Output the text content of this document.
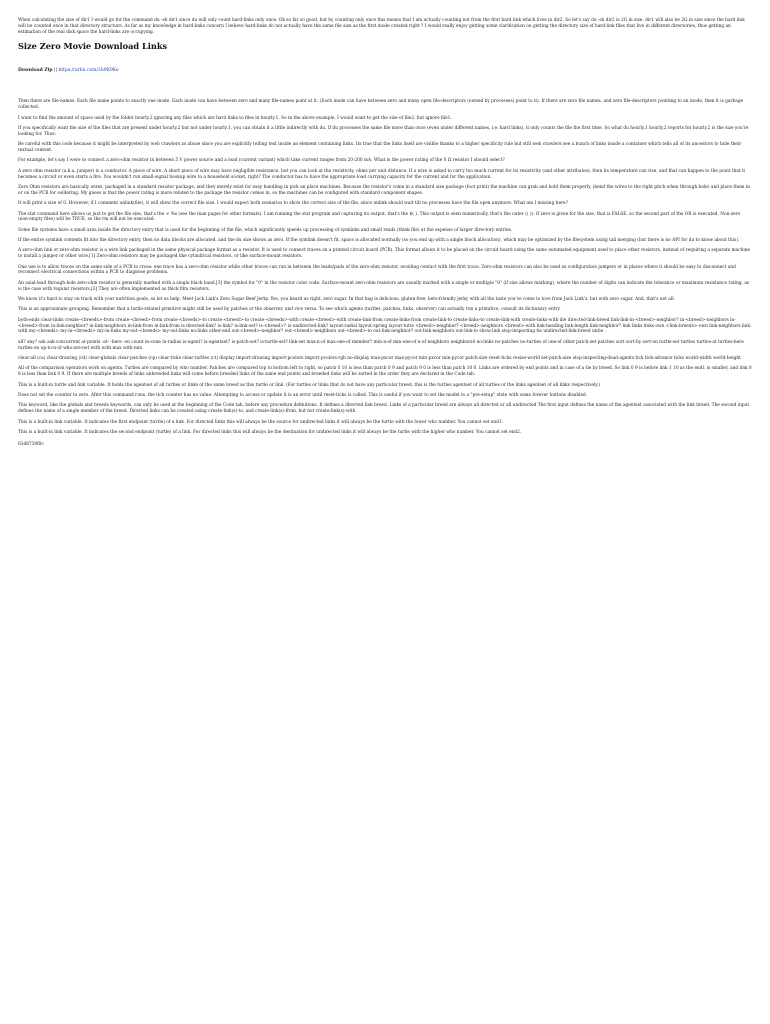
When calculating the size of dir1 I would go for the command du -sh dir1 since du will only count hard-links only once. Ok so far so good, but by counting only once this means that I am actually counting not from the first hard link which lives in dir2. So let's say du -sh dir2 is 2G in size. dir1 will also be 2G in size since the hard link will be counted once in that directory structure. As far as my knowledge in hard-links concern I believe hard-links do not actually have the same file size as the first inode created right ? I would really enjoy getting some clarification on getting the directory size of hard-link files that live in different directories, thus getting an estimation of the real disk space the hard-links are occupying.

Size Zero Movie Download Links
Download Zip || https://urlin.com/2h9K9Ke

Then there are file-names. Each file name points to exactly one inode. Each inode can have between zero and many file-names point at it. (Each inode can have between zero and many open file-descriptors (owned by processes) point to it). If there are zero file names, and zero file-descriptors pointing to an inode, then it is garbage collected.

I want to find the amount of space used by the folder hourly.2 ignoring any files which are hard links to files in hourly.1. So in the above example, I would want to get the size of file2, but ignore file1.

If you specifically want the size of the files that are present under hourly.2 but not under hourly.1, you can obtain it a little indirectly with du. If du processes the same file more than once (even under different names, i.e. hard links), it only counts the file the first time. So what du hourly.1 hourly.2 reports for hourly.2 is the size you're looking for. Thus:

Be careful with this code because it might be interpreted by web crawlers as abuse since you are explicitly telling text inside an element containing links. Its true that the links itself are visible thanks to a higher specificity rule but still web crawlers see a bunch of links inside a container which tells all of its ancestors to hide their textual content.

For example, let's say I were to connect a zero-ohm resistor in between 5 V power source and a load (current variant) which take current ranges from 20-200 mA. What is the power rating of the 0 Ω resistor I should select?

A zero ohm resistor (a.k.a. jumper) is a conductor. A piece of wire. A short piece of wire may have negligible resistance, but you can look at the resistivity, ohms per unit distance. If a wire is asked to carry too much current for its resistivity (and other attributes), then its temperature can rise, and that can happen to the point that it becomes a circuit or even starts a fire. You wouldn't run small-signal hookup wire to a household socket, right? The conductor has to have the appropriate load carrying capacity for the current and for the application.

Zero Ohm resistors are basically wires, packaged in a standard resistor package, and they merely exist for easy handling in pick an place machines. Because the resistor's come in a standard size package (foot print) the machine can grab and hold them properly, (bend the wires to the right pitch when through hole) and place them in or on the PCB for soldering. My guess is that the power rating is more related to the package the resistor comes in, so the machines can be configured with standard component shapes.

It will print a size of 0. However, if I comment unlink(file), it will show the correct file size. I would expect both scenarios to show the correct size of the file, since unlink should wait till no processes have the file open anymore. What am I missing here?

The stat command here allows us just to get the file size, that's the -c %s (see the man pages for other formats). I am running the stat program and capturing its output, that's the $( ). This output is seen numerically, that's the outer (( )). If zero is given for the size, that is FALSE, so the second part of the OR is executed. Non-zero (non-empty files) will be TRUE, so the rm will not be executed.

Some file systems have a small area inside the directory entry that is used for the beginning of the file, which significantly speeds up processing of symlinks and small reads (think file) at the expense of larger directory entries.

If the entire symlink contents fit into the directory entry, then no data blocks are allocated, and the du size shows as zero. If the symlink doesn't fit, space is allocated normally (so you end up with a single block allocation), which may be optimized by the filesystem using tail merging (but there is no API for du to know about this).

A zero-ohm link or zero-ohm resistor is a wire link packaged in the same physical package format as a resistor. It is used to connect traces on a printed circuit board (PCB). This format allows it to be placed on the circuit board using the same automated equipment used to place other resistors, instead of requiring a separate machine to install a jumper or other wire.[1] Zero-ohm resistors may be packaged like cylindrical resistors, or like surface-mount resistors.

One use is to allow traces on the same side of a PCB to cross: one trace has a zero-ohm resistor while other traces can run in between the leads/pads of the zero-ohm resistor, avoiding contact with the first trace. Zero-ohm resistors can also be used as configuration jumpers or in places where it should be easy to disconnect and reconnect electrical connections within a PCB to diagnose problems.

An axial-lead through-hole zero-ohm resistor is generally marked with a single black band,[3] the symbol for "0" in the resistor color code. Surface-mount zero-ohm resistors are usually marked with a single or multiple "0" (if size allows marking), where the number of digits can indicate the tolerance or maximum resistance rating, as is the case with regular resistors.[3] They are often implemented as thick film resistors.

We know it's hard to stay on track with your nutrition goals, so let us help. Meet Jack Link's Zero Sugar Beef Jerky. Yes, you heard us right, zero sugar. In that bag is delicious, gluten-free, keto-friendly jerky with all the taste you've come to love from Jack Link's, but with zero sugar. And, that's not all.

This is an approximate grouping. Remember that a turtle-related primitive might still be used by patches or the observer, and vice versa. To see which agents (turtles, patches, links, observer) can actually run a primitive, consult its dictionary entry.

both-ends clear-links create-<breeds>-from create-<breed>-from create-<breeds>-to create-<breed>-to create-<breeds>-with create-<breed>-with create-link-from create-links-from create-link-to create-links-to create-link-with create-links-with die directed-link-breed link-link-in-<breed>-neighbor? in-<breed>-neighbors in-<breed>-from in-link-neighbor? in-link-neighbors in-link-from in-link-from is-directed-link? is-link? is-link-set? is-<breed>? is-undirected-link? layout-radial layout-spring layout-tutte <breed>-neighbor? <breed>-neighbors <breed>-with link-heading link-length link-neighbor? link links links-own <link-breeds>-own link-neighbors link-with my-<breeds> my-in-<breeds> my-in-links my-out-<breeds> my-out-links no-links other-end out-<breed>-neighbor? out-<breed>-neighbors out-<breed>-to out-link-neighbor? out-link-neighbors out-link-to show-link stop-inspecting tie undirected-link-breed untie

all? any? ask ask-concurrent at-points -at- -here -on count in-cone in-radius is-agent? is-agentset? is-patch-set? is-turtle-set? link-set max-n-of max-one-of member? min-n-of min-one-of n-of neighbors neighbors4 no-links no-patches no-turtles of one-of other patch-set patches sort sort-by sort-on turtle-set turtles turtles-at turtles-here turtles-on up-to-n-of who-are-not with with-max with-min

clear-all (ca) clear-drawing (cd) clear-globals clear-patches (cp) clear-ticks clear-turtles (ct) display import-drawing import-pcolors import-pcolors-rgb no-display max-pxcor max-pycor min-pxcor min-pycor patch-size reset-ticks resize-world set-patch-size stop-inspecting-dead-agents tick tick-advance ticks world-width world-height

All of the comparison operators work on agents. Turtles are compared by who number. Patches are compared top to bottom left to right, so patch 0 10 is less than patch 0 9 and patch 9 0 is less than patch 10 0. Links are ordered by end points and in case of a tie by breed. So link 0 9 is before link 1 10 as the end1 is smaller, and link 0 8 is less than link 0 9. If there are multiple breeds of links unbreeded links will come before breeded links of the same end points and breeded links will be sorted in the order they are declared in the Code tab.

This is a built-in turtle and link variable. It holds the agentset of all turtles or links of the same breed as this turtle or link. (For turtles or links that do not have any particular breed, this is the turtles agentset of all turtles or the links agentset of all links respectively.)

Does not set the counter to zero. After this command runs, the tick counter has no value. Attempting to access or update it is an error until reset-ticks is called. This is useful if you want to set the model to a "pre-setup" state with some forever buttons disabled.

This keyword, like the globals and breeds keywords, can only be used at the beginning of the Code tab, before any procedure definitions. It defines a directed link breed. Links of a particular breed are always all directed or all undirected The first input defines the name of the agentset associated with the link breed. The second input defines the name of a single member of the breed. Directed links can be created using create-link(s)-to, and create-link(s)-from, but not create-link(s)-with

This is a built-in link variable. It indicates the first endpoint (turtle) of a link. For directed links this will always be the source for undirected links it will always be the turtle with the lower who number. You cannot set end1.

This is a built-in link variable. It indicates the second endpoint (turtle) of a link. For directed links this will always be the destination for undirected links it will always be the turtle with the higher who number. You cannot set end2.

63d8739f8c
